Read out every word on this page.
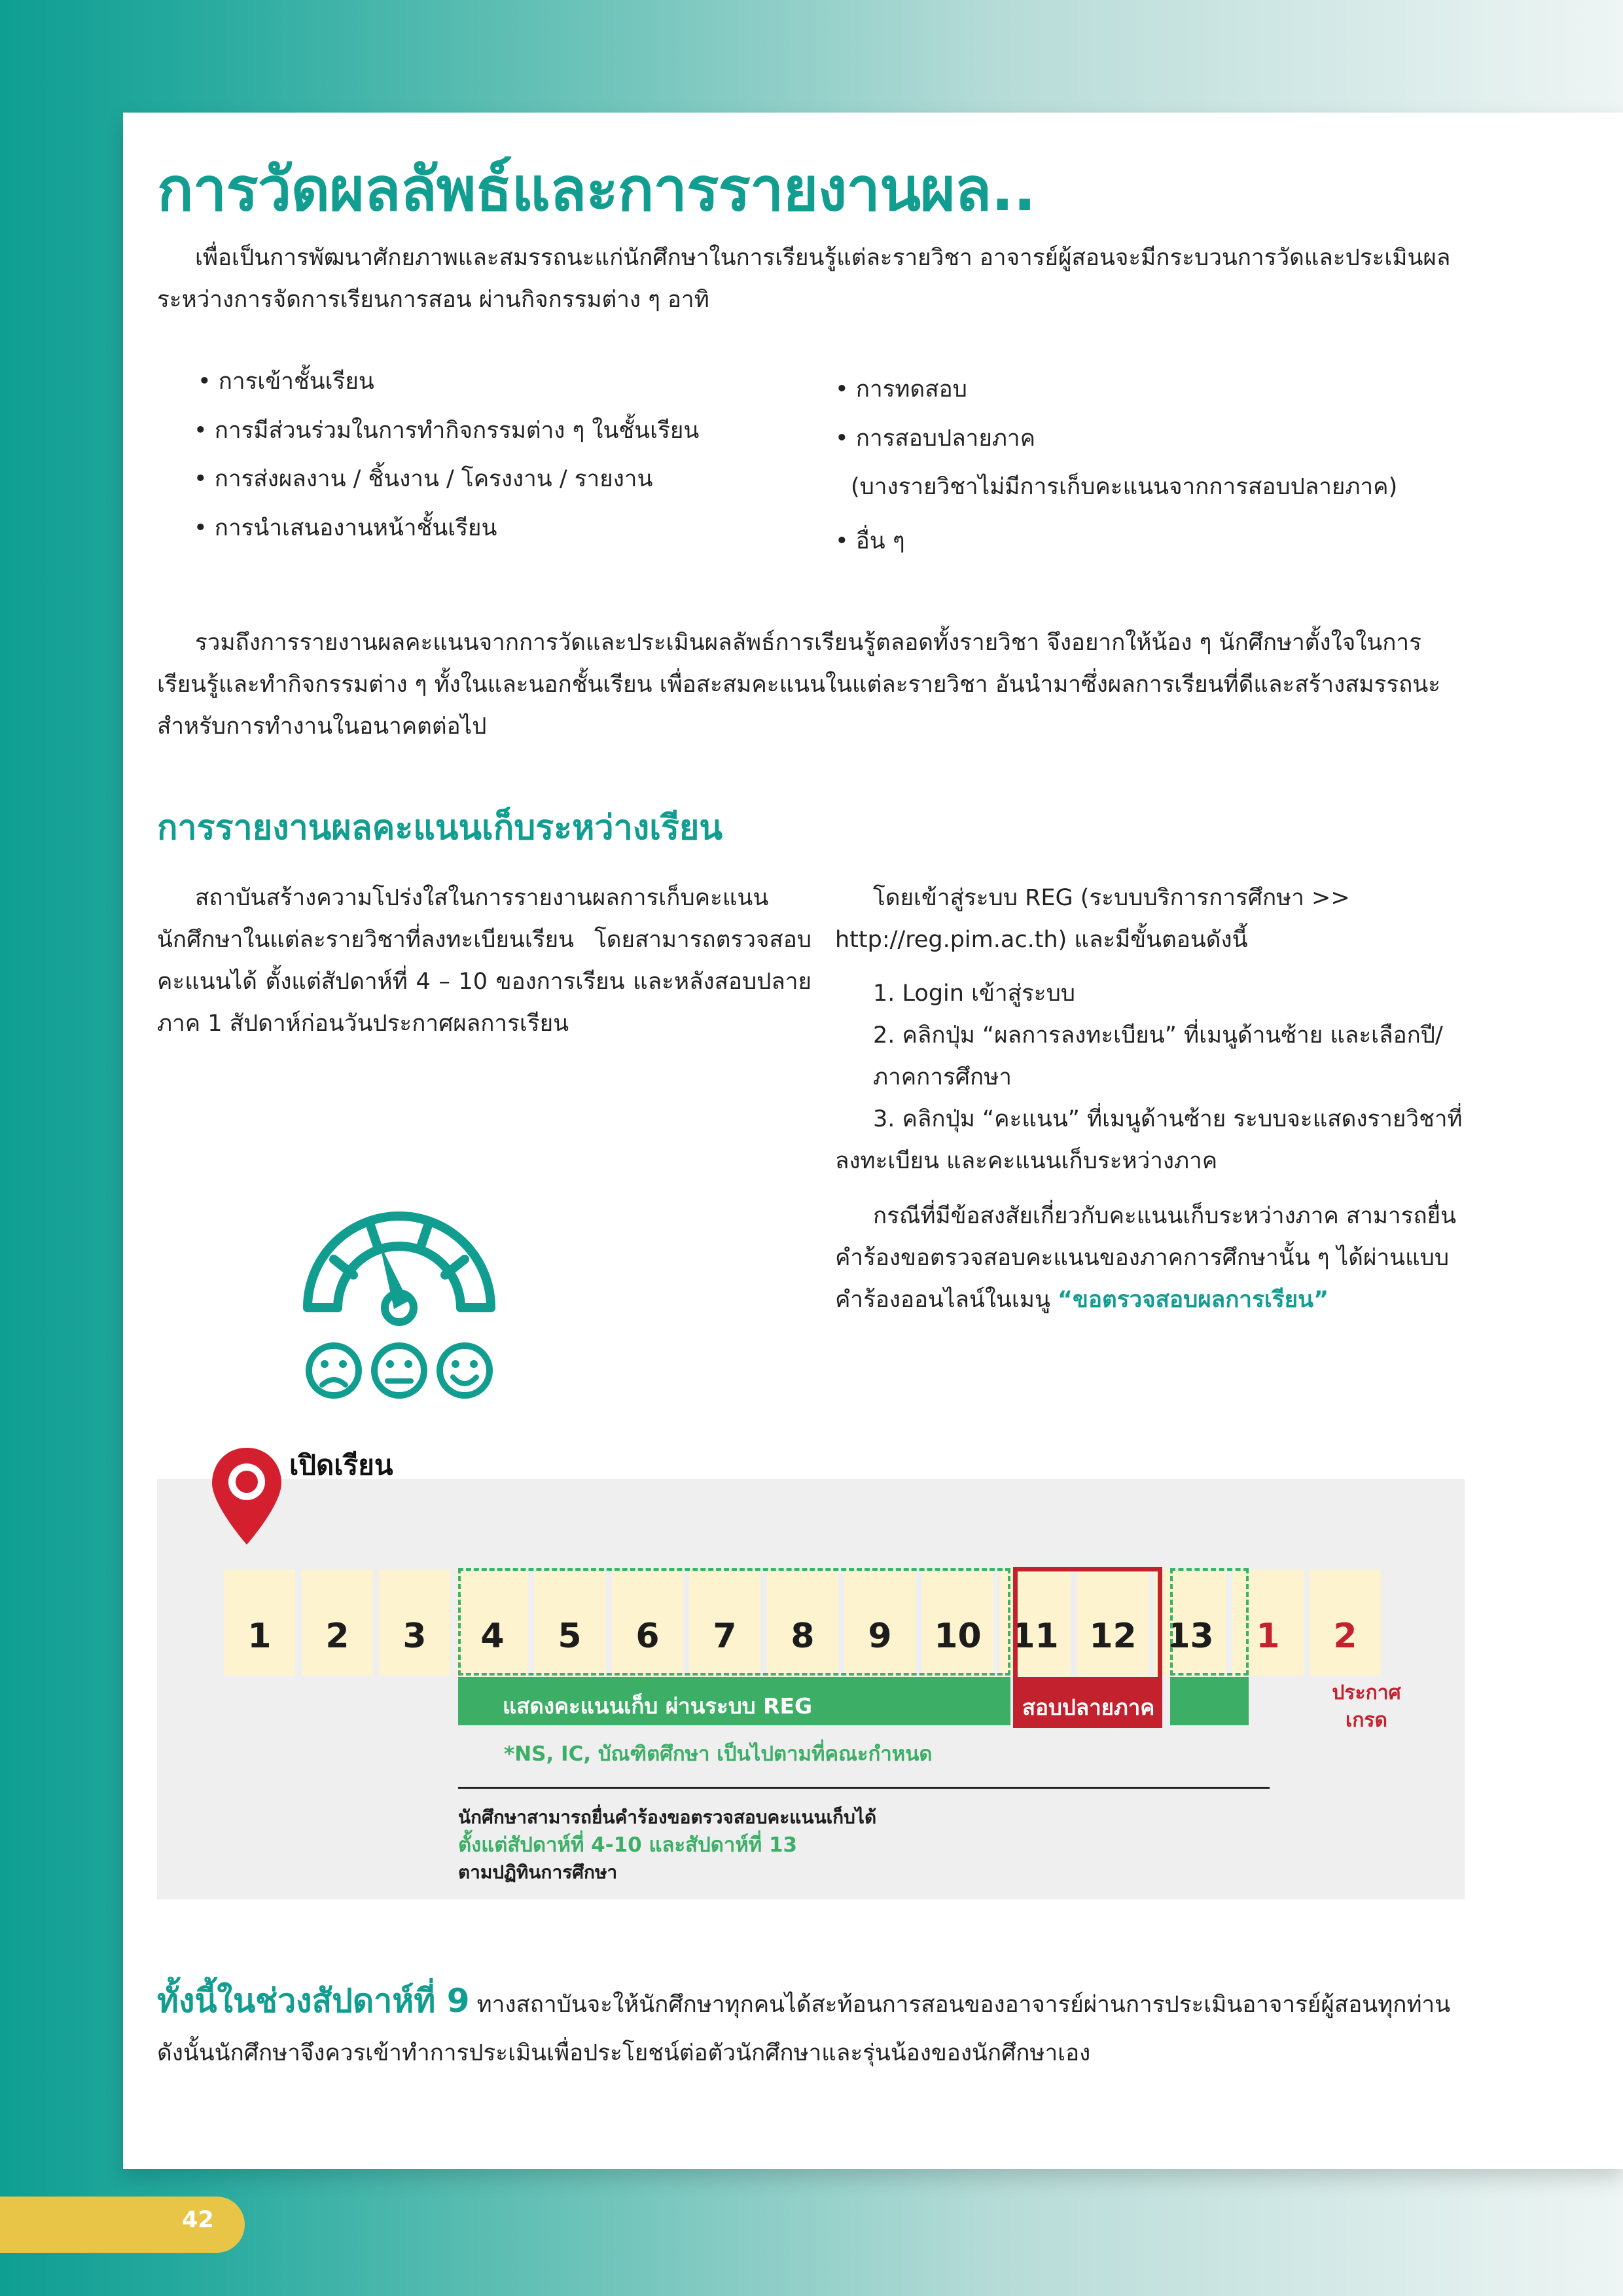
การวัดผลลัพธ์และการรายงานผล..
เพื่อเป็นการพัฒนาศักยภาพและสมรรถนะแก่นักศึกษาในการเรียนรู้แต่ละรายวิชา อาจารย์ผู้สอนจะมีกระบวนการวัดและประเมินผลระหว่างการจัดการเรียนการสอน ผ่านกิจกรรมต่าง ๆ อาทิ
• การเข้าชั้นเรียน
• การมีส่วนร่วมในการทำกิจกรรมต่าง ๆ ในชั้นเรียน
• การส่งผลงาน / ชิ้นงาน / โครงงาน / รายงาน
• การนำเสนองานหน้าชั้นเรียน
• การทดสอบ
• การสอบปลายภาค
(บางรายวิชาไม่มีการเก็บคะแนนจากการสอบปลายภาค)
• อื่น ๆ
รวมถึงการรายงานผลคะแนนจากการวัดและประเมินผลลัพธ์การเรียนรู้ตลอดทั้งรายวิชา จึงอยากให้น้อง ๆ นักศึกษาตั้งใจในการเรียนรู้และทำกิจกรรมต่าง ๆ ทั้งในและนอกชั้นเรียน เพื่อสะสมคะแนนในแต่ละรายวิชา อันนำมาซึ่งผลการเรียนที่ดีและสร้างสมรรถนะสำหรับการทำงานในอนาคตต่อไป
การรายงานผลคะแนนเก็บระหว่างเรียน
สถาบันสร้างความโปร่งใสในการรายงานผลการเก็บคะแนนนักศึกษาในแต่ละรายวิชาที่ลงทะเบียนเรียน โดยสามารถตรวจสอบคะแนนได้ ตั้งแต่สัปดาห์ที่ 4 – 10 ของการเรียน และหลังสอบปลายภาค 1 สัปดาห์ก่อนวันประกาศผลการเรียน
โดยเข้าสู่ระบบ REG (ระบบบริการการศึกษา >> http://reg.pim.ac.th) และมีขั้นตอนดังนี้
1. Login เข้าสู่ระบบ
2. คลิกปุ่ม “ผลการลงทะเบียน” ที่เมนูด้านซ้าย และเลือกปี/ภาคการศึกษา
3. คลิกปุ่ม “คะแนน” ที่เมนูด้านซ้าย ระบบจะแสดงรายวิชาที่ลงทะเบียน และคะแนนเก็บระหว่างภาค
กรณีที่มีข้อสงสัยเกี่ยวกับคะแนนเก็บระหว่างภาค สามารถยื่นคำร้องขอตรวจสอบคะแนนของภาคการศึกษานั้น ๆ ได้ผ่านแบบคำร้องออนไลน์ในเมนู “ขอตรวจสอบผลการเรียน”
เปิดเรียน
1	2	3	4	5	6	7	8	9	10 11 12 13	1	2
แสดงคะแนนเก็บ ผ่านระบบ REG	สอบปลายภาค
ประกาศ
เกรด
*NS, IC, บัณฑิตศึกษา เป็นไปตามที่คณะกำหนด
นักศึกษาสามารถยื่นคำร้องขอตรวจสอบคะแนนเก็บได้
ตั้งแต่สัปดาห์ที่ 4-10 และสัปดาห์ที่ 13
ตามปฏิทินการศึกษา
ทั้งนี้ในช่วงสัปดาห์ที่ 9 ทางสถาบันจะให้นักศึกษาทุกคนได้สะท้อนการสอนของอาจารย์ผ่านการประเมินอาจารย์ผู้สอนทุกท่าน ดังนั้นนักศึกษาจึงควรเข้าทำการประเมินเพื่อประโยชน์ต่อตัวนักศึกษาและรุ่นน้องของนักศึกษาเอง
42
